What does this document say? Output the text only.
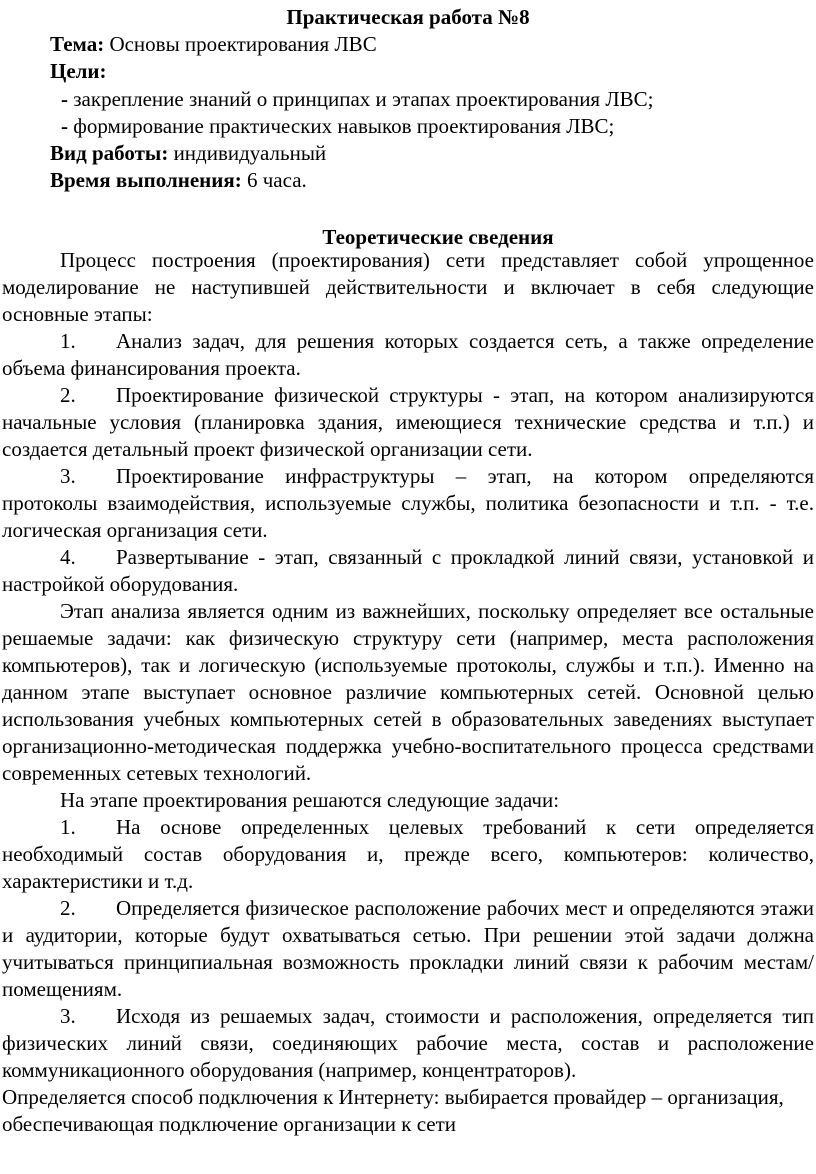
Практическая работа №8
Тема: Основы проектирования ЛВС
Цели:
- закрепление знаний о принципах и этапах проектирования ЛВС;
- формирование практических навыков проектирования ЛВС;
Вид работы: индивидуальный
Время выполнения: 6 часа.
Теоретические сведения

Процесс построения (проектирования) сети представляет собой упрощенное моделирование не наступившей действительности и включает в себя следующие основные этапы:

1. Анализ задач, для решения которых создается сеть, а также определение объема финансирования проекта.

2. Проектирование физической структуры - этап, на котором анализируются начальные условия (планировка здания, имеющиеся технические средства и т.п.) и создается детальный проект физической организации сети.

3. Проектирование инфраструктуры – этап, на котором определяются протоколы взаимодействия, используемые службы, политика безопасности и т.п. - т.е. логическая организация сети.

4. Развертывание - этап, связанный с прокладкой линий связи, установкой и настройкой оборудования.

Этап анализа является одним из важнейших, поскольку определяет все остальные решаемые задачи: как физическую структуру сети (например, места расположения компьютеров), так и логическую (используемые протоколы, службы и т.п.). Именно на данном этапе выступает основное различие компьютерных сетей. Основной целью использования учебных компьютерных сетей в образовательных заведениях выступает организационно-методическая поддержка учебно-воспитательного процесса средствами современных сетевых технологий.

На этапе проектирования решаются следующие задачи:

1. На основе определенных целевых требований к сети определяется необходимый состав оборудования и, прежде всего, компьютеров: количество, характеристики и т.д.

2. Определяется физическое расположение рабочих мест и определяются этажи и аудитории, которые будут охватываться сетью. При решении этой задачи должна учитываться принципиальная возможность прокладки линий связи к рабочим местам/помещениям.

3. Исходя из решаемых задач, стоимости и расположения, определяется тип физических линий связи, соединяющих рабочие места, состав и расположение коммуникационного оборудования (например, концентраторов).

Определяется способ подключения к Интернету: выбирается провайдер – организация, обеспечивающая подключение организации к сети
